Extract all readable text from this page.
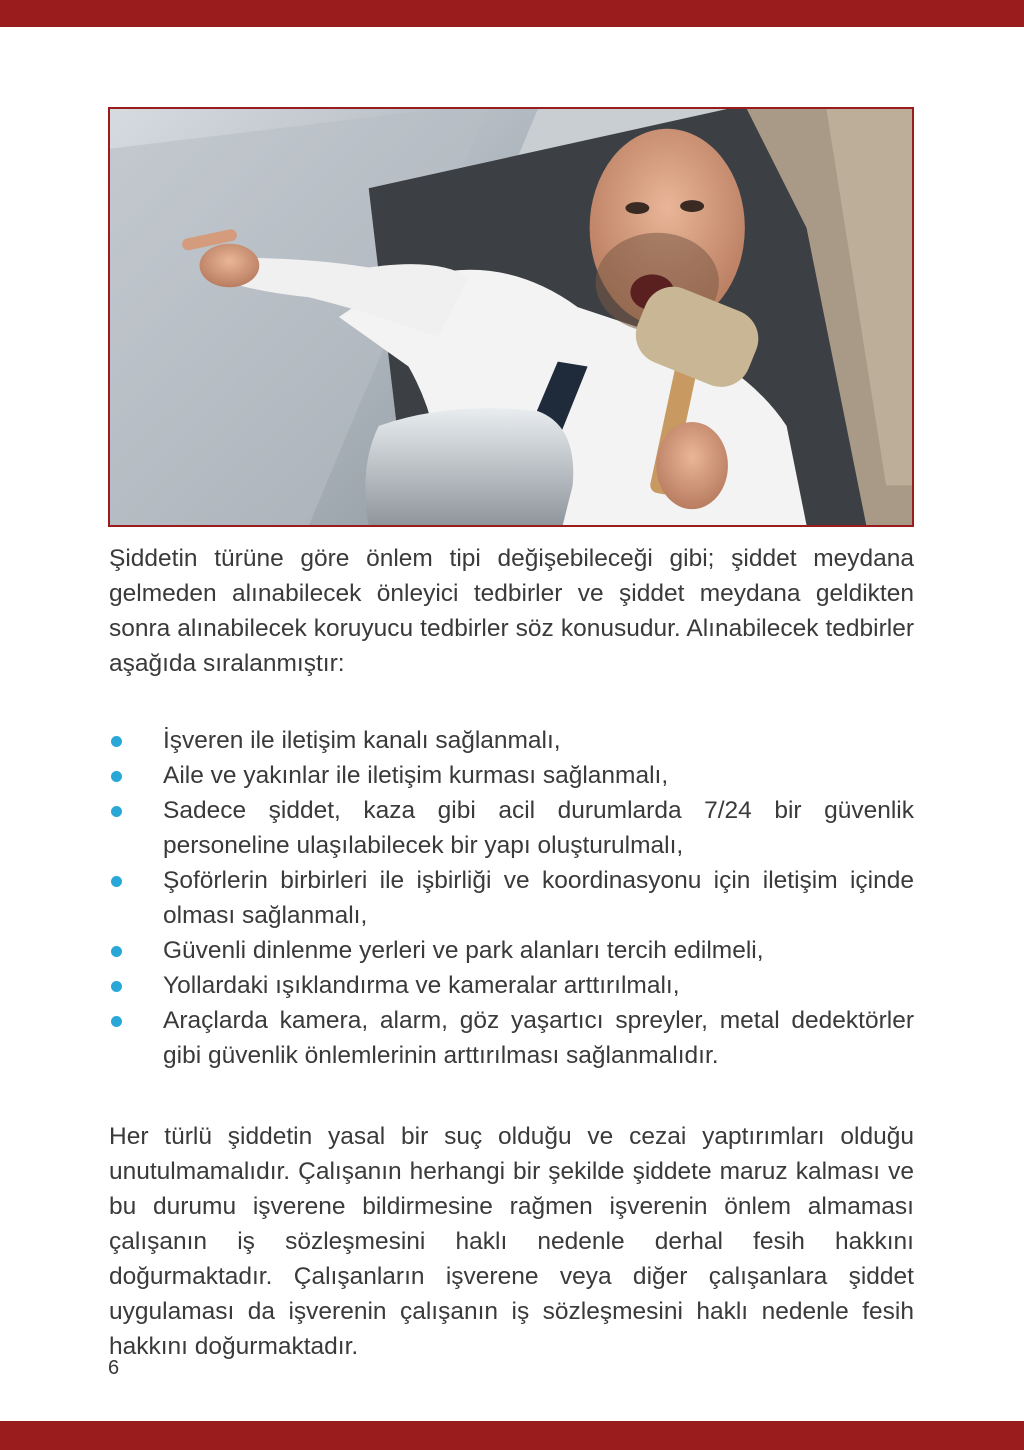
Şiddetin türüne göre önlem tipi değişebileceği gibi; şiddet meydana gelmeden alınabilecek önleyici tedbirler ve şiddet meydana geldikten sonra alınabilecek koruyucu tedbirler söz konusudur. Alınabilecek tedbirler aşağıda sıralanmıştır:
İşveren ile iletişim kanalı sağlanmalı,
Aile ve yakınlar ile iletişim kurması sağlanmalı,
Sadece şiddet, kaza gibi acil durumlarda 7/24 bir güvenlik personeline ulaşılabilecek bir yapı oluşturulmalı,
Şoförlerin birbirleri ile işbirliği ve koordinasyonu için iletişim içinde olması sağlanmalı,
Güvenli dinlenme yerleri ve park alanları tercih edilmeli,
Yollardaki ışıklandırma ve kameralar arttırılmalı,
Araçlarda kamera, alarm, göz yaşartıcı spreyler, metal dedektörler gibi güvenlik önlemlerinin arttırılması sağlanmalıdır.
Her türlü şiddetin yasal bir suç olduğu ve cezai yaptırımları olduğu unutulmamalıdır. Çalışanın herhangi bir şekilde şiddete maruz kalması ve bu durumu işverene bildirmesine rağmen işverenin önlem almaması çalışanın iş sözleşmesini haklı nedenle derhal fesih hakkını doğurmaktadır. Çalışanların işverene veya diğer çalışanlara şiddet uygulaması da işverenin çalışanın iş sözleşmesini haklı nedenle fesih hakkını doğurmaktadır.
6
